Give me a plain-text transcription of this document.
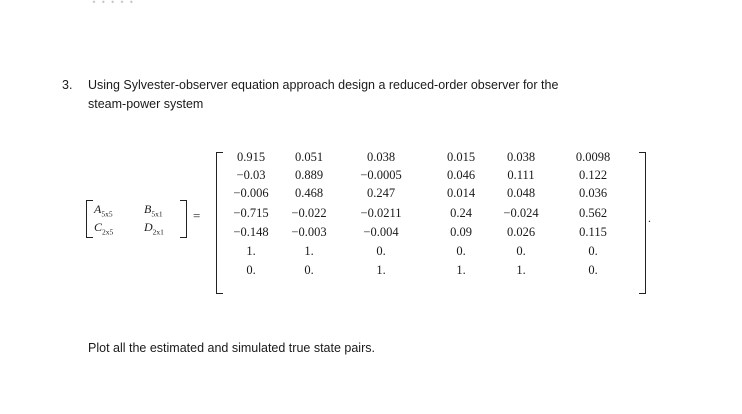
· · · · ·
3. Using Sylvester-observer equation approach design a reduced-order observer for the
steam-power system
$A_{5x5}$	$B_{5x1}$
$C_{2x5}$	$D_{2x1}$
=
0.915	0.051	0.038	0.015	0.038	0.0098
−0.03	0.889	−0.0005	0.046	0.111	0.122
−0.006	0.468	0.247	0.014	0.048	0.036
−0.715	−0.022	−0.0211	0.24	−0.024	0.562
−0.148	−0.003	−0.004	0.09	0.026	0.115
1.	1.	0.	0.	0.	0.
0.	0.	1.	1.	1.	0.
.
Plot all the estimated and simulated true state pairs.
